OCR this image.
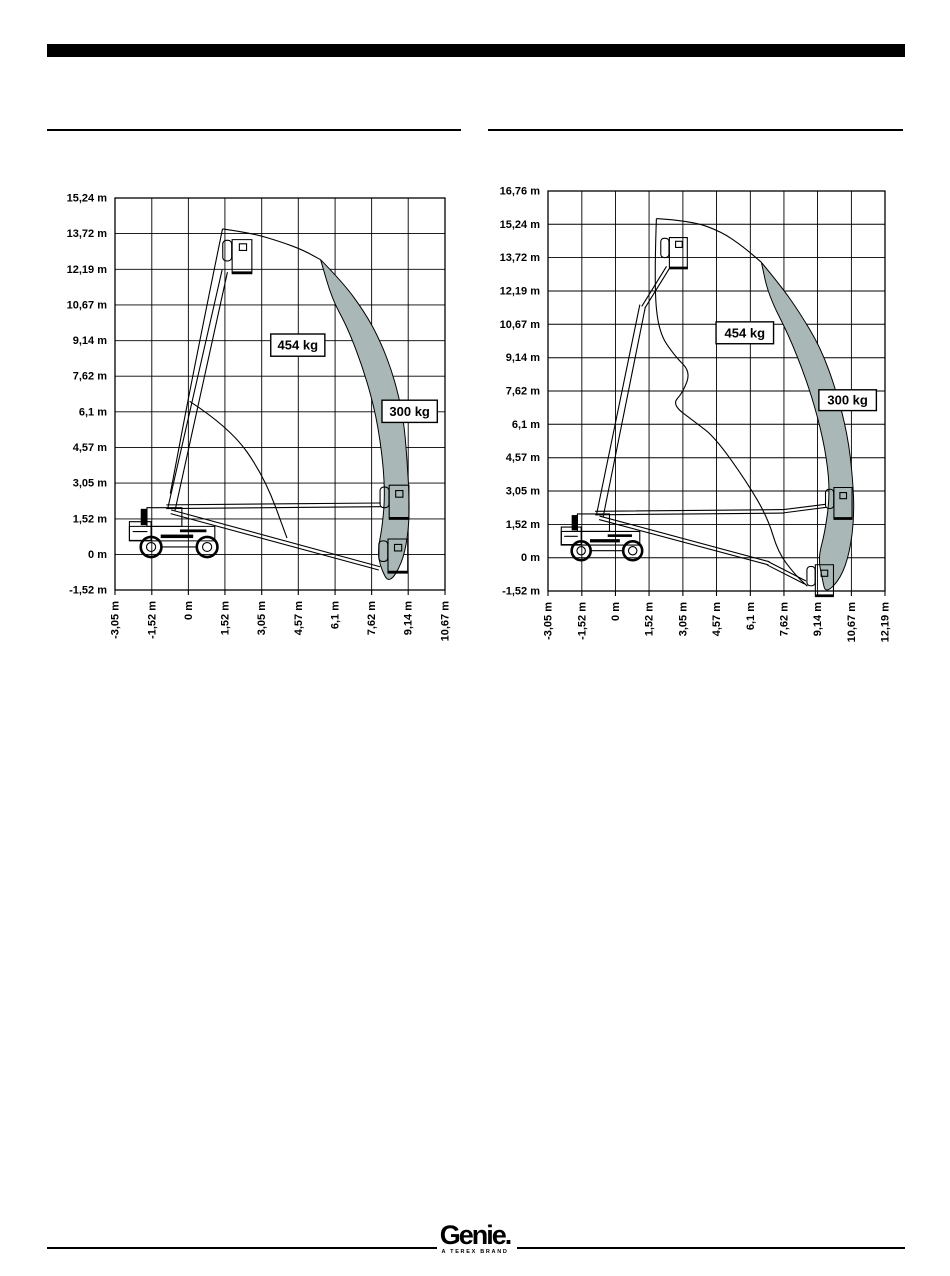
-3,05 m -1,52 m 0 m 1,52 m 3,05 m 4,57 m 6,1 m 7,62 m 9,14 m 10,67 m
15,24 m
13,72 m
12,19 m
10,67 m
9,14 m
7,62 m
6,1 m
4,57 m
3,05 m
1,52 m
0 m
-1,52 m
454 kg
300 kg
-3,05 m -1,52 m 0 m 1,52 m 3,05 m 4,57 m 6,1 m 7,62 m 9,14 m 10,67 m 12,19 m
16,76 m
15,24 m
13,72 m
12,19 m
10,67 m
9,14 m
7,62 m
6,1 m
4,57 m
3,05 m
1,52 m
0 m
-1,52 m
454 kg
300 kg
Genie.
A TEREX BRAND
